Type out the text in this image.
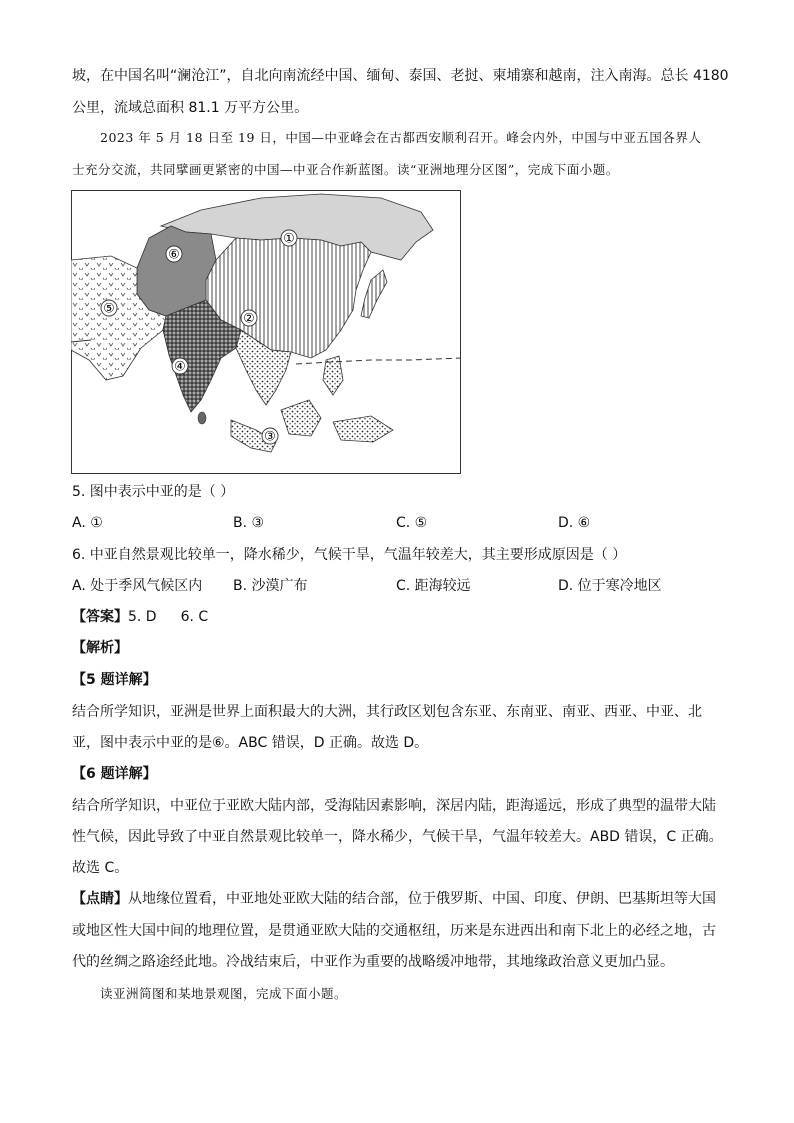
坡，在中国名叫“澜沧江”，自北向南流经中国、缅甸、泰国、老挝、柬埔寨和越南，注入南海。总长 4180
公里，流域总面积 81.1 万平方公里。
2023 年 5 月 18 日至 19 日，中国—中亚峰会在古都西安顺利召开。峰会内外，中国与中亚五国各界人
士充分交流，共同擘画更紧密的中国—中亚合作新蓝图。读“亚洲地理分区图”，完成下面小题。
①
②
③
④
⑤
⑥
5. 图中表示中亚的是（ ）
A. ①	B. ③	C. ⑤	D. ⑥
6. 中亚自然景观比较单一，降水稀少，气候干旱，气温年较差大，其主要形成原因是（ ）
A. 处于季风气候区内 B. 沙漠广布	C. 距海较远	D. 位于寒冷地区
【答案】5. D 6. C
【解析】
【5 题详解】
结合所学知识，亚洲是世界上面积最大的大洲，其行政区划包含东亚、东南亚、南亚、西亚、中亚、北
亚，图中表示中亚的是⑥。ABC 错误，D 正确。故选 D。
【6 题详解】
结合所学知识，中亚位于亚欧大陆内部，受海陆因素影响，深居内陆，距海遥远，形成了典型的温带大陆
性气候，因此导致了中亚自然景观比较单一，降水稀少，气候干旱，气温年较差大。ABD 错误，C 正确。
故选 C。
【点睛】从地缘位置看，中亚地处亚欧大陆的结合部，位于俄罗斯、中国、印度、伊朗、巴基斯坦等大国
或地区性大国中间的地理位置，是贯通亚欧大陆的交通枢纽，历来是东进西出和南下北上的必经之地，古
代的丝绸之路途经此地。冷战结束后，中亚作为重要的战略缓冲地带，其地缘政治意义更加凸显。
读亚洲简图和某地景观图，完成下面小题。
